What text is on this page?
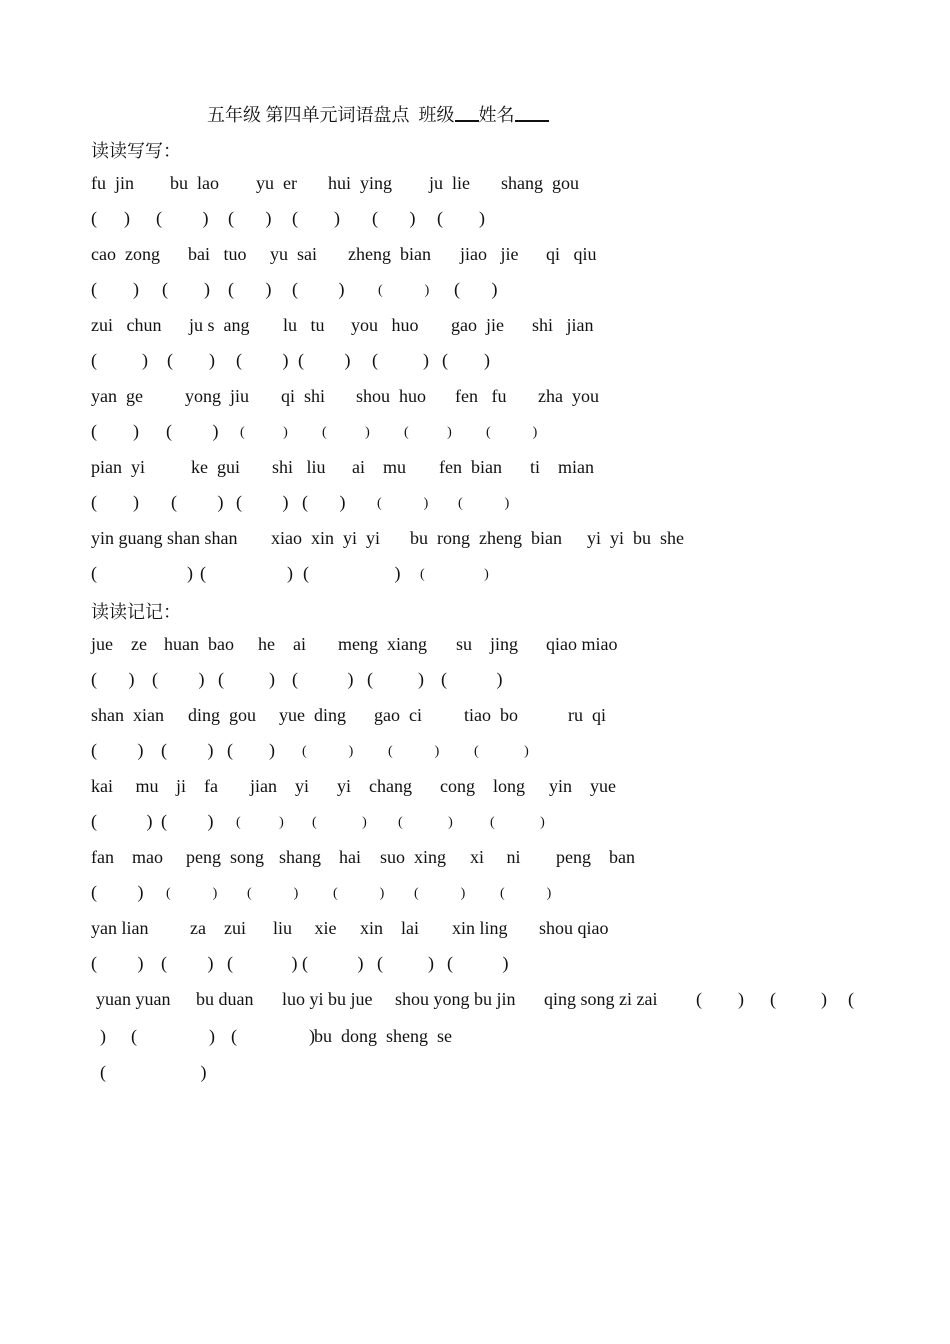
五年级 第四单元词语盘点 班级 姓名
读读写写：
fu  jin bu  lao yu  er hui  ying ju  lie shang  gou
(      ) (         ) (       ) (        ) (       ) (        )
cao  zong bai   tuo yu  sai zheng  bian jiao   jie qi   qiu
(        ) (        ) (       ) (         ) (            ) (       )
zui   chun ju s  ang lu   tu you   huo gao  jie shi   jian
(          ) (        ) (         ) (         ) (          ) (        )
yan  ge yong  jiu qi  shi shou  huo fen   fu zha  you
(        ) (         ) (           ) (           ) (           ) (            )
pian  yi	ke  gui shi   liu ai    mu fen  bian ti    mian
(        ) (         ) (         ) (       ) (            ) (            )
yin guang shan shan xiao  xin  yi  yi bu  rong  zheng  bian yi  yi  bu  she
(                    ) (                  ) (                   ) (                 )
读读记记：
jue    ze huan  bao he    ai meng  xiang su    jing qiao miao
(       ) (         ) (          ) (           ) (          ) (           )
shan  xian ding  gou yue  ding gao  ci tiao  bo	ru  qi
(         ) (         ) (        ) (            ) (            ) (             )
kai     mu ji    fa jian    yi yi    chang cong    long yin    yue
(           ) (         ) (           ) (             ) (             )	(             )
fan    mao peng  song shang    hai suo  xing xi     ni peng    ban
(         ) (            ) (            ) (            ) (            ) (            )
yan lian za    zui liu     xie xin    lai xin ling shou qiao
(         ) (         ) (             ) (           ) (          ) (           )
yuan yuan bu duan luo yi bu jue shou yong bu jin qing song zi zai (        ) (          ) (
) (                ) (                ) bu  dong  sheng  se
(                     )
